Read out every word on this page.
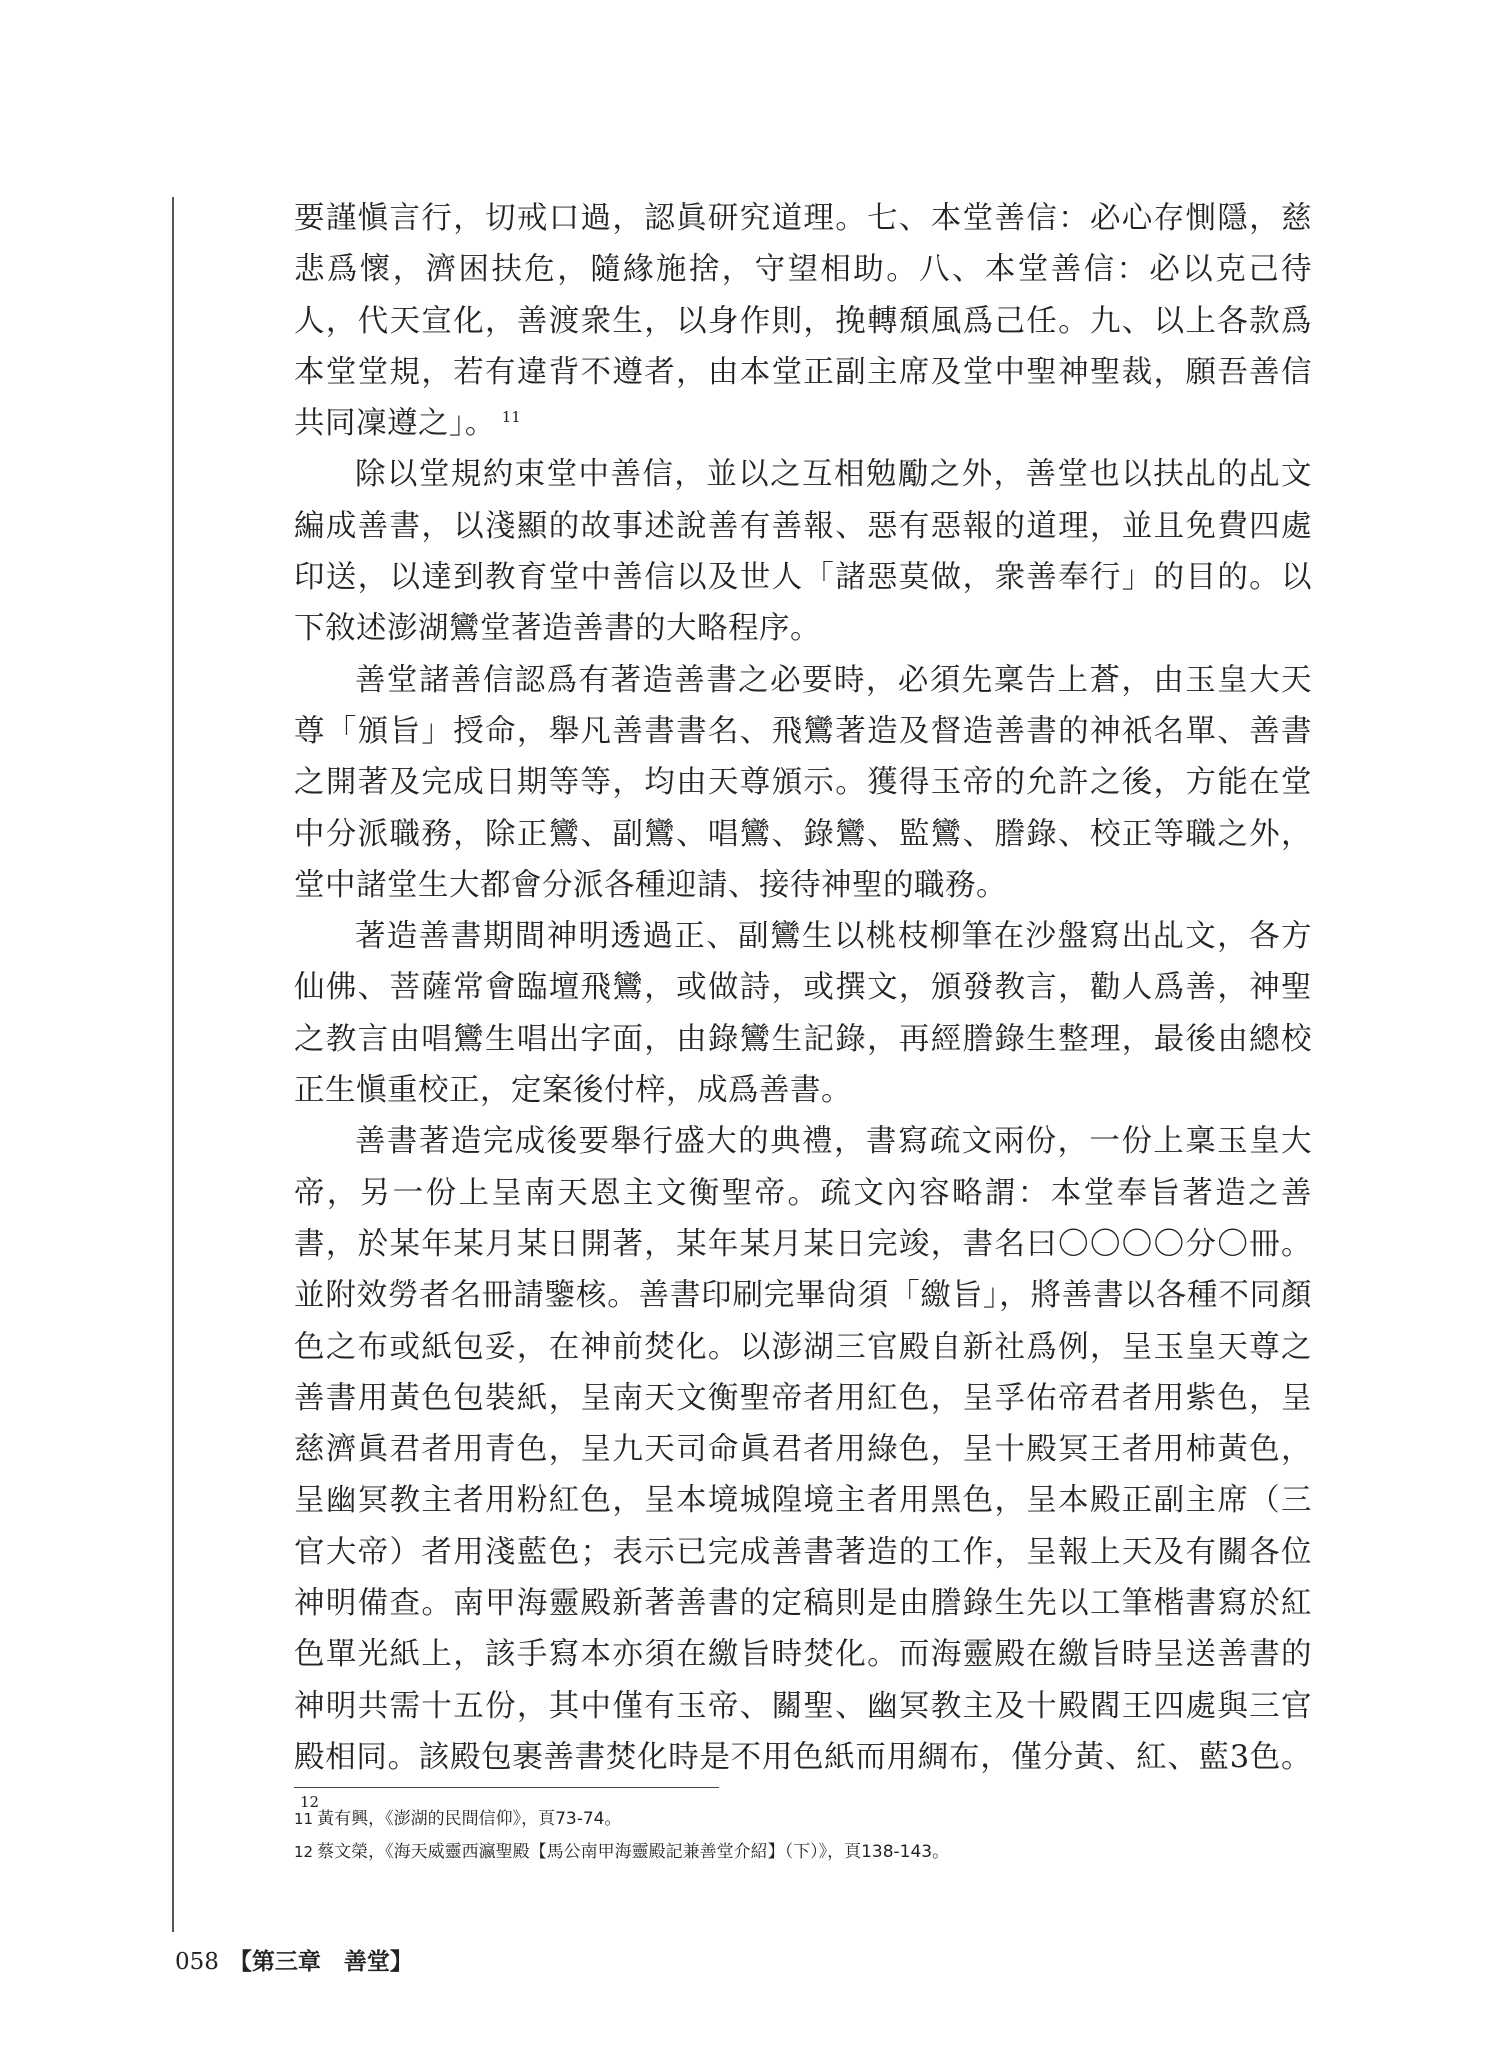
要謹愼言行，切戒口過，認眞研究道理。七、本堂善信：必心存惻隱，慈悲爲懷，濟困扶危，隨緣施捨，守望相助。八、本堂善信：必以克己待人，代天宣化，善渡衆生，以身作則，挽轉頹風爲己任。九、以上各款爲本堂堂規，若有違背不遵者，由本堂正副主席及堂中聖神聖裁，願吾善信共同凜遵之」。 $^{11}$

除以堂規約束堂中善信，並以之互相勉勵之外，善堂也以扶乩的乩文編成善書，以淺顯的故事述說善有善報、惡有惡報的道理，並且免費四處印送，以達到教育堂中善信以及世人「諸惡莫做，衆善奉行」的目的。以下敘述澎湖鸞堂著造善書的大略程序。

善堂諸善信認爲有著造善書之必要時，必須先稟告上蒼，由玉皇大天尊「頒旨」授命，舉凡善書書名、飛鸞著造及督造善書的神祇名單、善書之開著及完成日期等等，均由天尊頒示。獲得玉帝的允許之後，方能在堂中分派職務，除正鸞、副鸞、唱鸞、錄鸞、監鸞、謄錄、校正等職之外，堂中諸堂生大都會分派各種迎請、接待神聖的職務。

著造善書期間神明透過正、副鸞生以桃枝柳筆在沙盤寫出乩文，各方仙佛、菩薩常會臨壇飛鸞，或做詩，或撰文，頒發教言，勸人爲善，神聖之教言由唱鸞生唱出字面，由錄鸞生記錄，再經謄錄生整理，最後由總校正生愼重校正，定案後付梓，成爲善書。

善書著造完成後要舉行盛大的典禮，書寫疏文兩份，一份上稟玉皇大帝，另一份上呈南天恩主文衡聖帝。疏文內容略謂：本堂奉旨著造之善書，於某年某月某日開著，某年某月某日完竣，書名曰〇〇〇〇分〇冊。並附效勞者名冊請鑒核。善書印刷完畢尙須「繳旨」，將善書以各種不同顏色之布或紙包妥，在神前焚化。以澎湖三官殿自新社爲例，呈玉皇天尊之善書用黃色包裝紙，呈南天文衡聖帝者用紅色，呈孚佑帝君者用紫色，呈慈濟眞君者用青色，呈九天司命眞君者用綠色，呈十殿冥王者用柿黃色，呈幽冥教主者用粉紅色，呈本境城隍境主者用黑色，呈本殿正副主席（三官大帝）者用淺藍色；表示已完成善書著造的工作，呈報上天及有關各位神明備查。南甲海靈殿新著善書的定稿則是由謄錄生先以工筆楷書寫於紅色單光紙上，該手寫本亦須在繳旨時焚化。而海靈殿在繳旨時呈送善書的神明共需十五份，其中僅有玉帝、關聖、幽冥教主及十殿閻王四處與三官殿相同。該殿包裹善書焚化時是不用色紙而用綢布，僅分黃、紅、藍3色。$^{12}$

11 黃有興，《澎湖的民間信仰》，頁73-74。

12 蔡文榮，《海天威靈西瀛聖殿【馬公南甲海靈殿記兼善堂介紹】（下）》，頁138-143。

058 【第三章　善堂】
